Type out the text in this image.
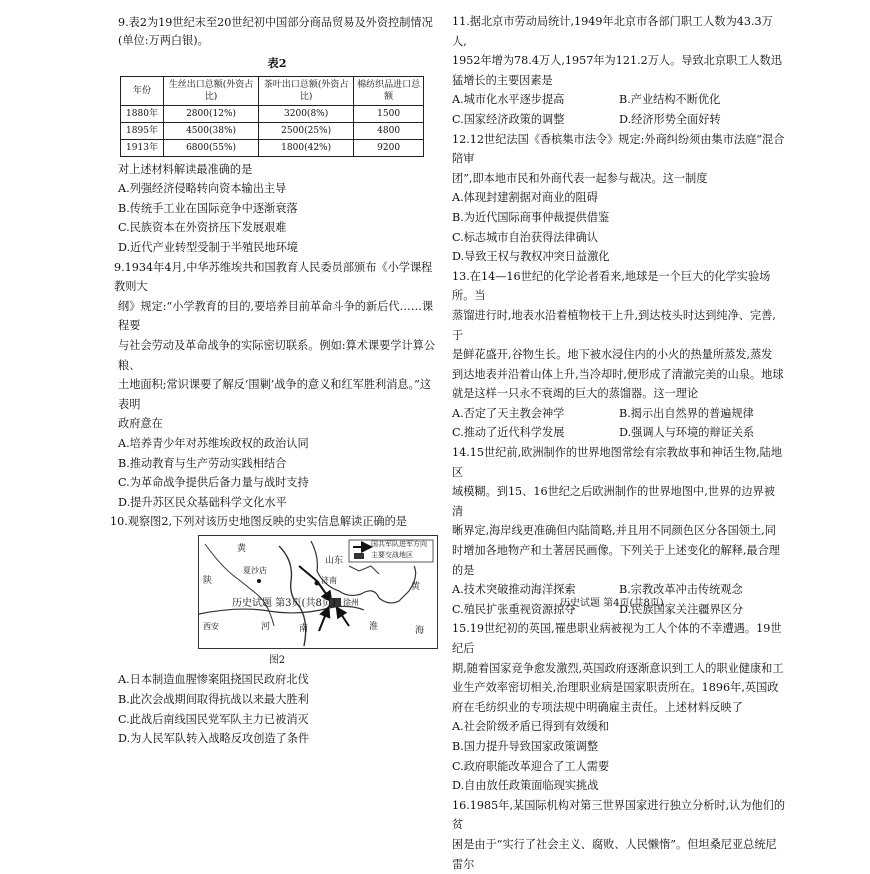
9.表2为19世纪末至20世纪初中国部分商品贸易及外资控制情况(单位:万两白银)。

表2

年份	生丝出口总额(外资占比)	茶叶出口总额(外资占比)	棉纺织品进口总额
1880年	2800(12%)	3200(8%)	1500
1895年	4500(38%)	2500(25%)	4800
1913年	6800(55%)	1800(42%)	9200

对上述材料解读最准确的是

A.列强经济侵略转向资本输出主导

B.传统手工业在国际竞争中逐渐衰落

C.民族资本在外资挤压下发展艰难

D.近代产业转型受制于半殖民地环境

9.1934年4月,中华苏维埃共和国教育人民委员部颁布《小学课程教则大

纲》规定:“小学教育的目的,要培养目前革命斗争的新后代……课程要

与社会劳动及革命战争的实际密切联系。例如:算术课要学计算公粮、

土地面积;常识课要了解反‘围剿’战争的意义和红军胜利消息。”这表明

政府意在

A.培养青少年对苏维埃政权的政治认同

B.推动教育与生产劳动实践相结合

C.为革命战争提供后备力量与战时支持

D.提升苏区民众基础科学文化水平

10.观察图2,下列对该历史地图反映的史实信息解读正确的是

国共军队进军方向
主要交战地区
黄
陕
夏沙店
山东
济南
徐州
黄
海
西安	河	南	淮

图2

A.日本制造血腥惨案阻挠国民政府北伐

B.此次会战期间取得抗战以来最大胜利

C.此战后南线国民党军队主力已被消灭

D.为人民军队转入战略反攻创造了条件

历史试题 第3页(共8页)

11.据北京市劳动局统计,1949年北京市各部门职工人数为43.3万人,

1952年增为78.4万人,1957年为121.2万人。导致北京职工人数迅

猛增长的主要因素是

A.城市化水平逐步提高	B.产业结构不断优化
C.国家经济政策的调整	D.经济形势全面好转

12.12世纪法国《香槟集市法令》规定:外商纠纷须由集市法庭“混合陪审

团”,即本地市民和外商代表一起参与裁决。这一制度

A.体现封建割据对商业的阻碍

B.为近代国际商事仲裁提供借鉴

C.标志城市自治获得法律确认

D.导致王权与教权冲突日益激化

13.在14—16世纪的化学论者看来,地球是一个巨大的化学实验场所。当

蒸馏进行时,地表水沿着植物枝干上升,到达枝头时达到纯净、完善,于

是鲜花盛开,谷物生长。地下被水浸住内的小火的热量所蒸发,蒸发

到达地表并沿着山体上升,当冷却时,便形成了清澈完美的山泉。地球

就是这样一只永不衰竭的巨大的蒸馏器。这一理论

A.否定了天主教会神学	B.揭示出自然界的普遍规律
C.推动了近代科学发展	D.强调人与环境的辩证关系

14.15世纪前,欧洲制作的世界地图常绘有宗教故事和神话生物,陆地区

域模糊。到15、16世纪之后欧洲制作的世界地图中,世界的边界被清

晰界定,海岸线更准确但内陆简略,并且用不同颜色区分各国领土,同

时增加各地物产和土著居民画像。下列关于上述变化的解释,最合理

的是

A.技术突破推动海洋探索	B.宗教改革冲击传统观念
C.殖民扩张重视资源掠夺	D.民族国家关注疆界区分

15.19世纪初的英国,罹患职业病被视为工人个体的不幸遭遇。19世纪后

期,随着国家竞争愈发激烈,英国政府逐渐意识到工人的职业健康和工

业生产效率密切相关,治理职业病是国家职责所在。1896年,英国政

府在毛纺织业的专项法规中明确雇主责任。上述材料反映了

A.社会阶级矛盾已得到有效缓和

B.国力提升导致国家政策调整

C.政府职能改革迎合了工人需要

D.自由放任政策面临现实挑战

16.1985年,某国际机构对第三世界国家进行独立分析时,认为他们的贫

困是由于“实行了社会主义、腐败、人民懒惰”。但坦桑尼亚总统尼雷尔

历史试题 第4页(共8页)
